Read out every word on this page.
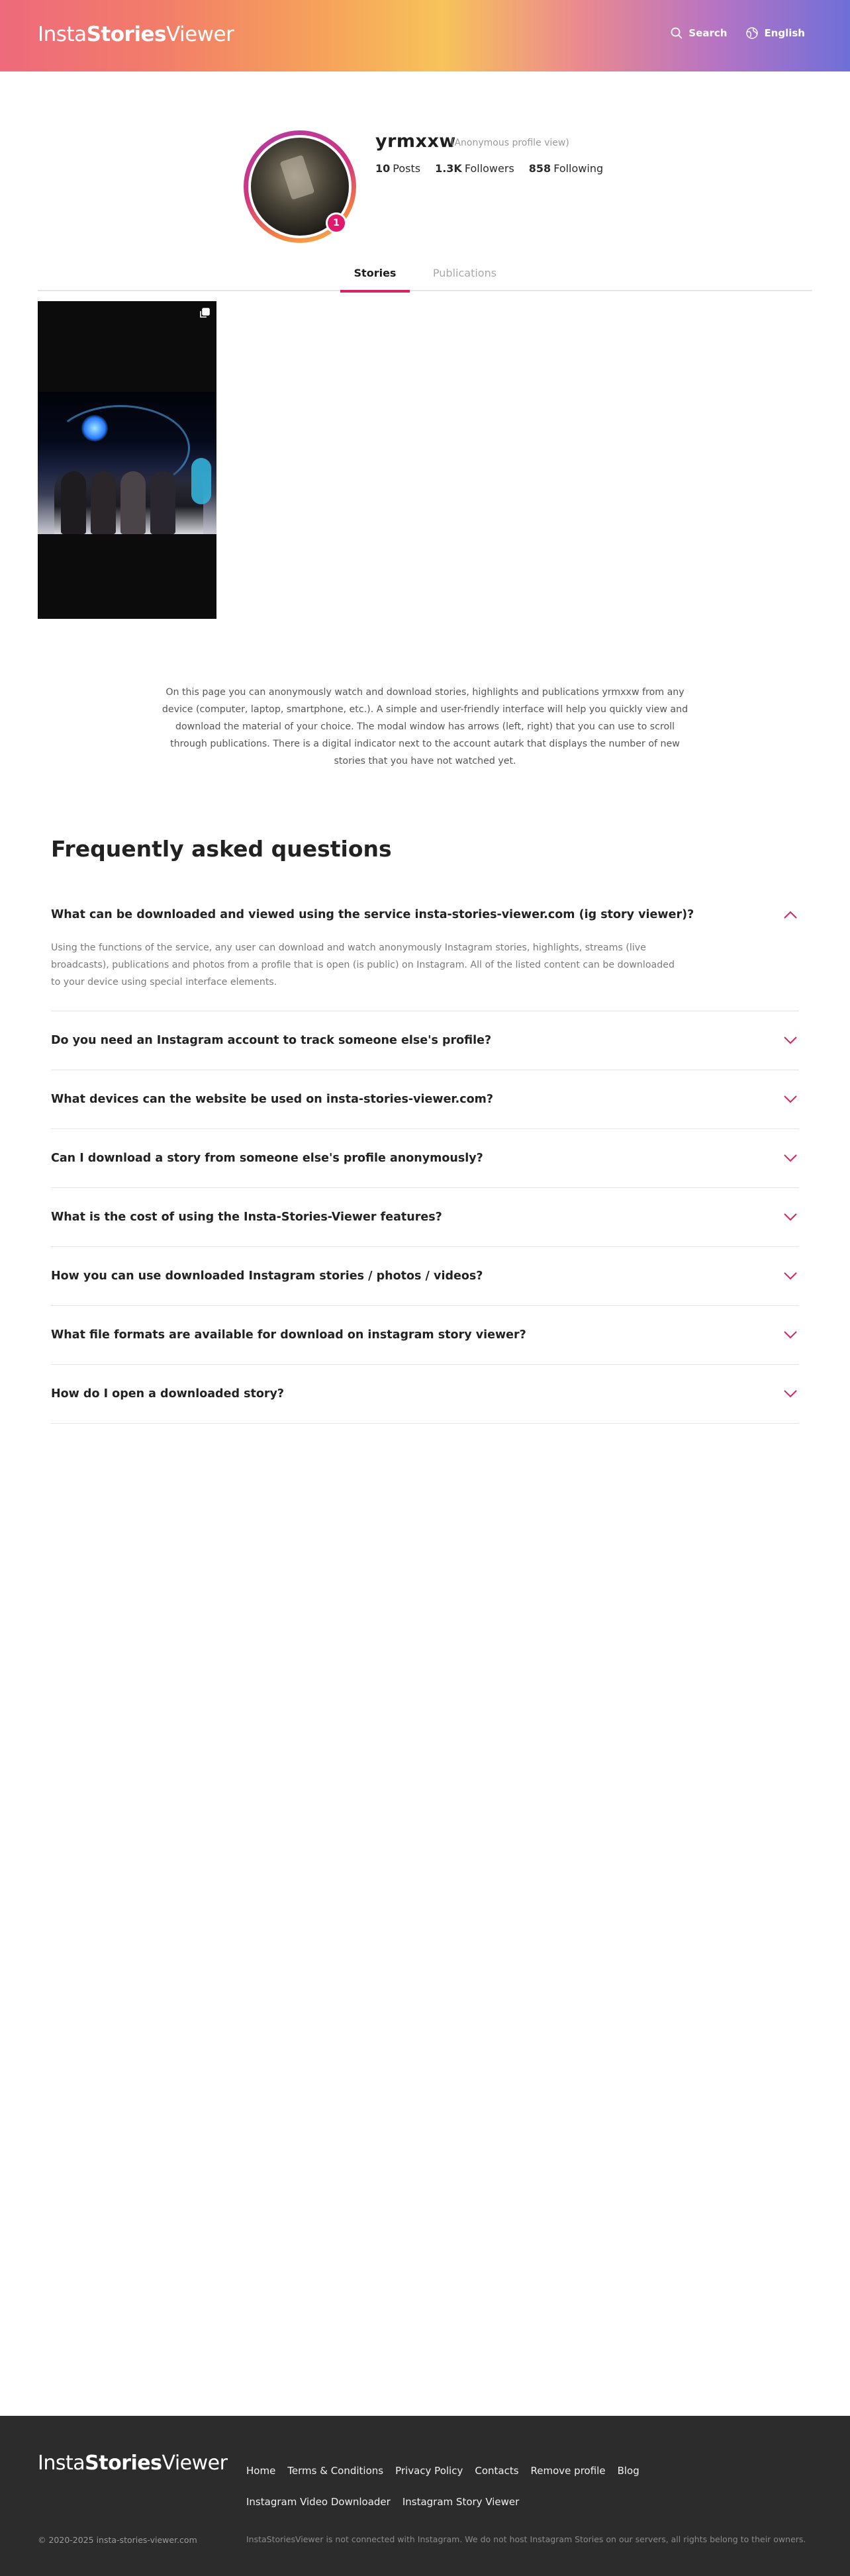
InstaStoriesViewer	Search	English
1
yrmxxw
(Anonymous profile view)
10 Posts 1.3K Followers 858 Following
Stories	Publications
On this page you can anonymously watch and download stories, highlights and publications yrmxxw from any device (computer, laptop, smartphone, etc.). A simple and user-friendly interface will help you quickly view and download the material of your choice. The modal window has arrows (left, right) that you can use to scroll through publications. There is a digital indicator next to the account autark that displays the number of new stories that you have not watched yet.
Frequently asked questions
What can be downloaded and viewed using the service insta-stories-viewer.com (ig story viewer)?
Using the functions of the service, any user can download and watch anonymously Instagram stories, highlights, streams (live broadcasts), publications and photos from a profile that is open (is public) on Instagram. All of the listed content can be downloaded to your device using special interface elements.
Do you need an Instagram account to track someone else's profile?
What devices can the website be used on insta-stories-viewer.com?
Can I download a story from someone else's profile anonymously?
What is the cost of using the Insta-Stories-Viewer features?
How you can use downloaded Instagram stories / photos / videos?
What file formats are available for download on instagram story viewer?
How do I open a downloaded story?
InstaStoriesViewer Home Terms & Conditions Privacy Policy Contacts Remove profile Blog
Instagram Video Downloader Instagram Story Viewer
© 2020-2025 insta-stories-viewer.com	InstaStoriesViewer is not connected with Instagram. We do not host Instagram Stories on our servers, all rights belong to their owners.
